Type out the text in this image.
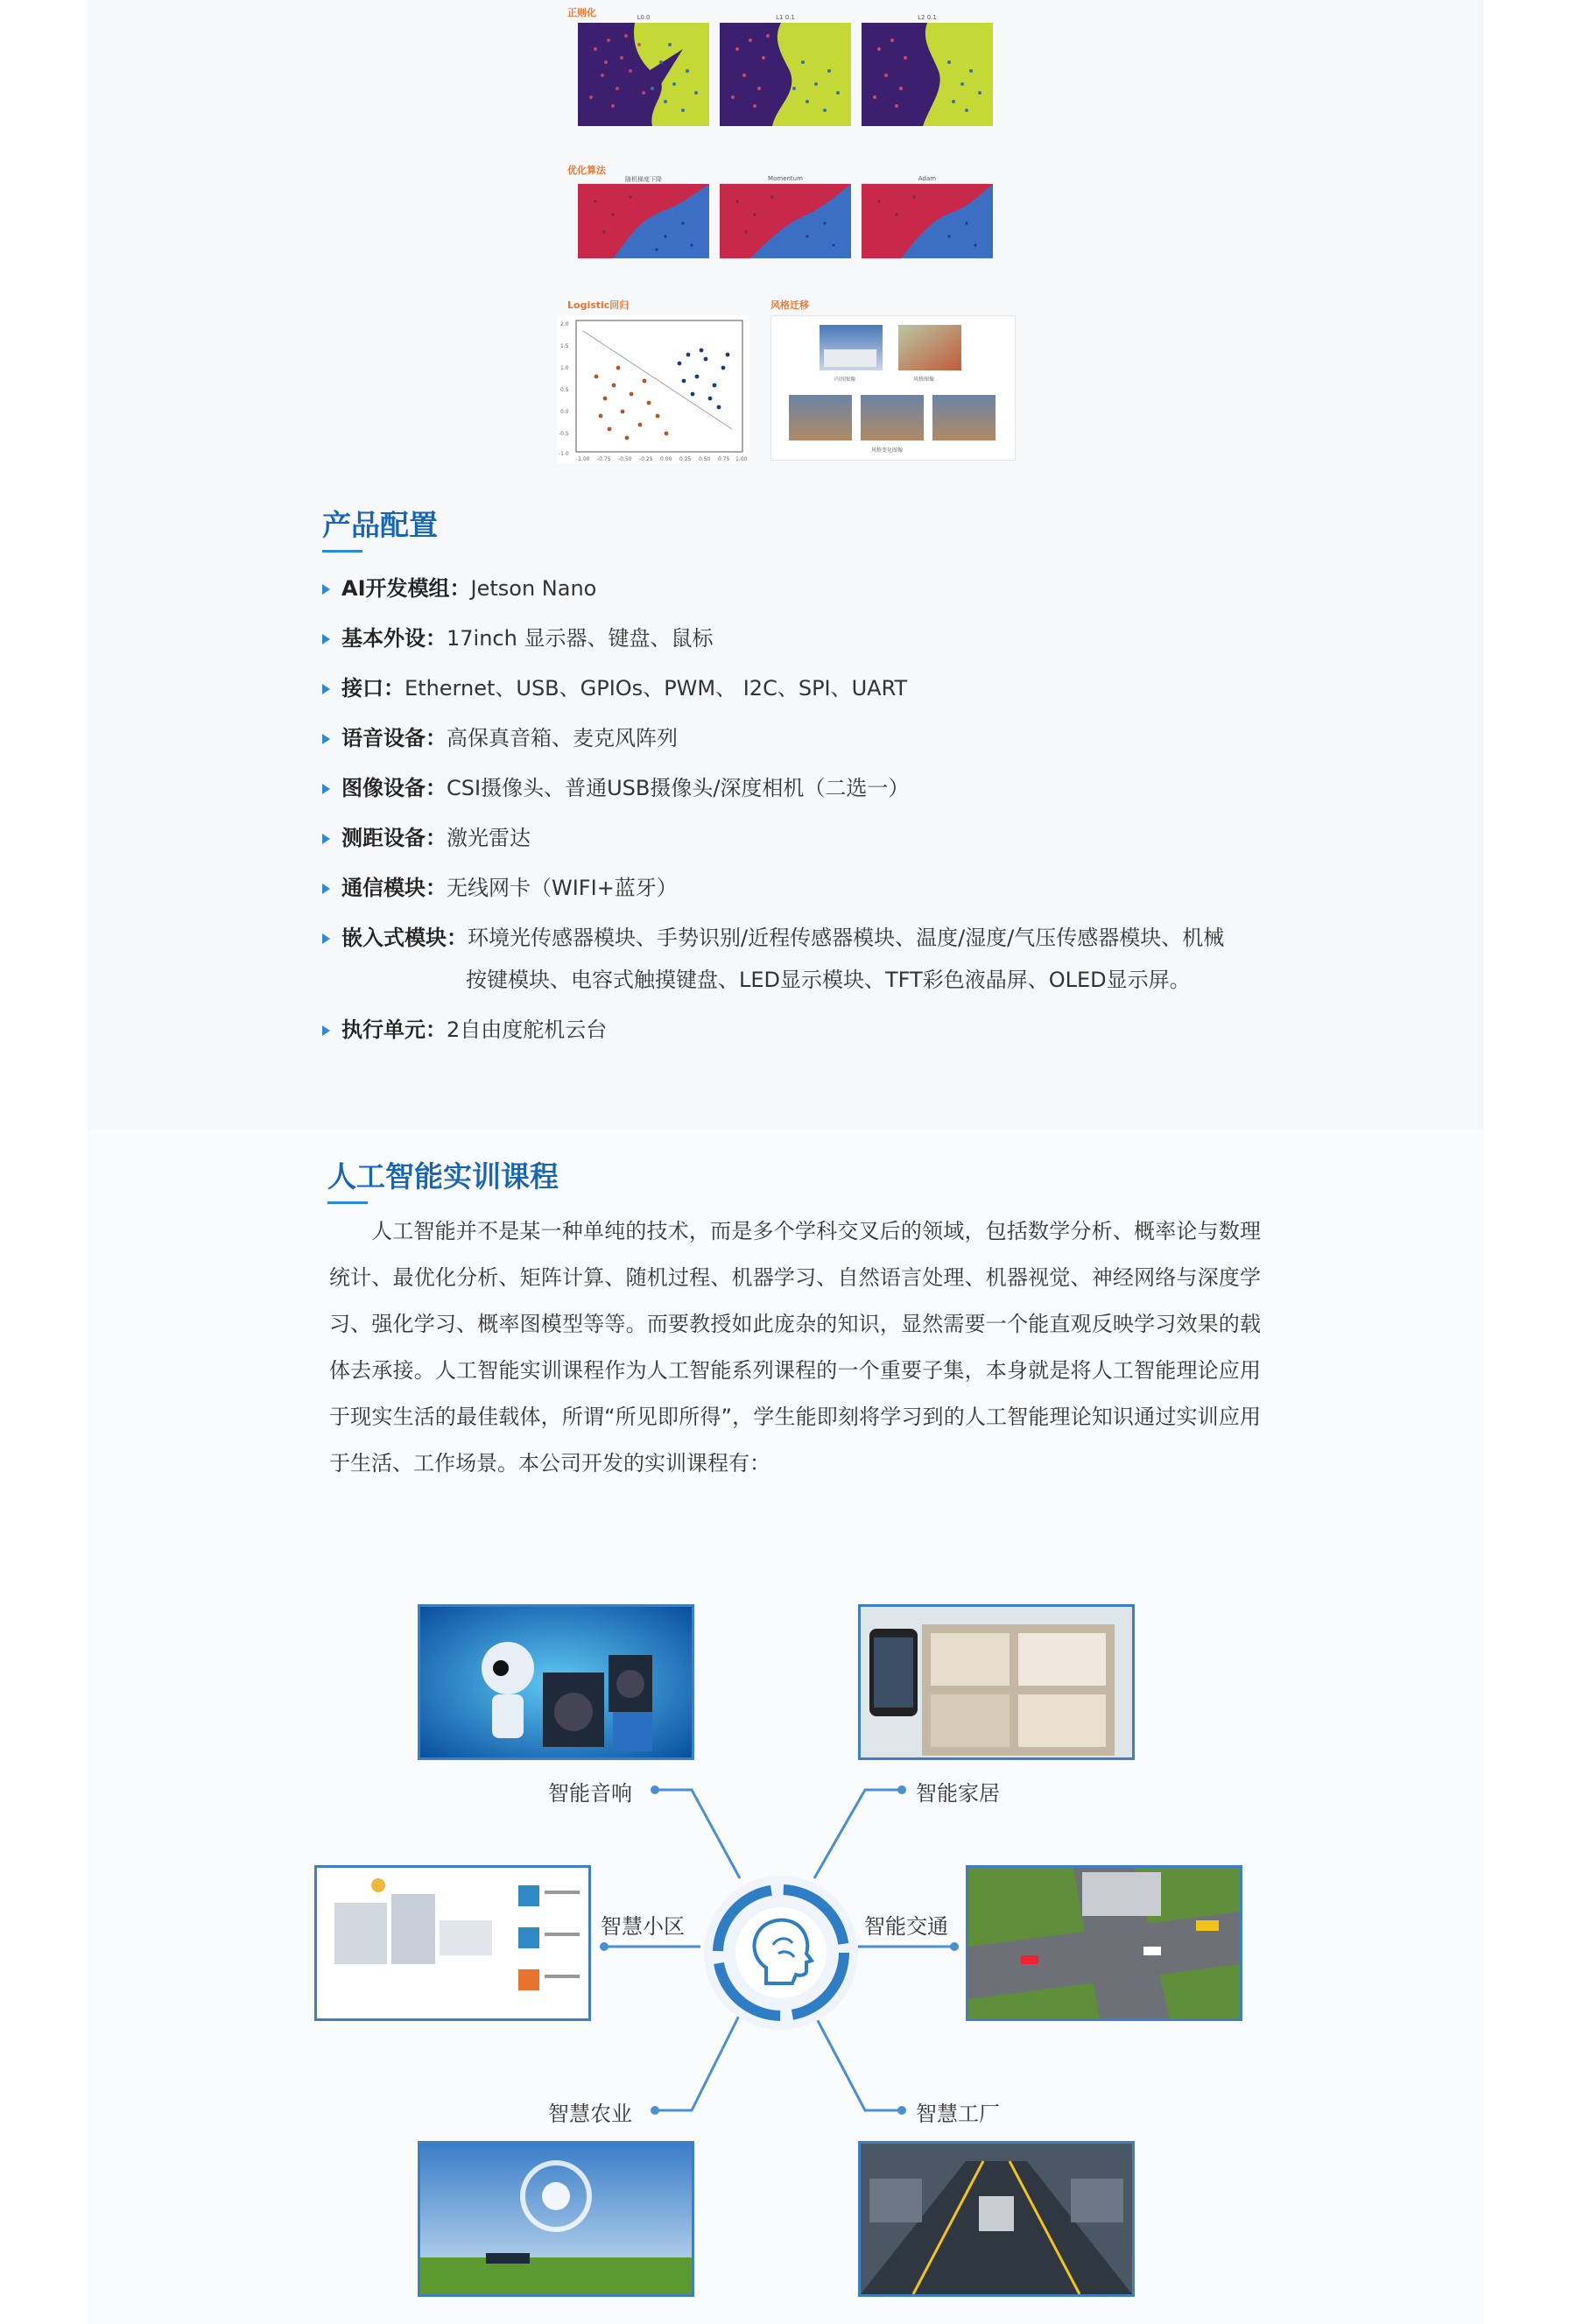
正则化	L0.0	L1 0.1	L2 0.1
优化算法
随机梯度下降	Momentum	Adam
Logistic回归
2.0
1.5
1.0
0.5
0.0
-0.5
-1.0
-1.00 -0.75 -0.50 -0.25 0.00 0.25 0.50 0.75 1.00
风格迁移
内容图像	风格图像
风格变化图像
产品配置
AI开发模组：Jetson Nano
基本外设：17inch 显示器、键盘、鼠标
接口：Ethernet、USB、GPIOs、PWM、 I2C、SPI、UART
语音设备：高保真音箱、麦克风阵列
图像设备：CSI摄像头、普通USB摄像头/深度相机（二选一）
测距设备：激光雷达
通信模块：无线网卡（WIFI+蓝牙）
嵌入式模块：环境光传感器模块、手势识别/近程传感器模块、温度/湿度/气压传感器模块、机械
按键模块、电容式触摸键盘、LED显示模块、TFT彩色液晶屏、OLED显示屏。
执行单元：2自由度舵机云台
人工智能实训课程
人工智能并不是某一种单纯的技术，而是多个学科交叉后的领域，包括数学分析、概率论与数理统计、最优化分析、矩阵计算、随机过程、机器学习、自然语言处理、机器视觉、神经网络与深度学习、强化学习、概率图模型等等。而要教授如此庞杂的知识，显然需要一个能直观反映学习效果的载体去承接。人工智能实训课程作为人工智能系列课程的一个重要子集，本身就是将人工智能理论应用于现实生活的最佳载体，所谓“所见即所得”，学生能即刻将学习到的人工智能理论知识通过实训应用于生活、工作场景。本公司开发的实训课程有：
智能音响	智能家居
智慧小区	智能交通
智慧农业	智慧工厂
